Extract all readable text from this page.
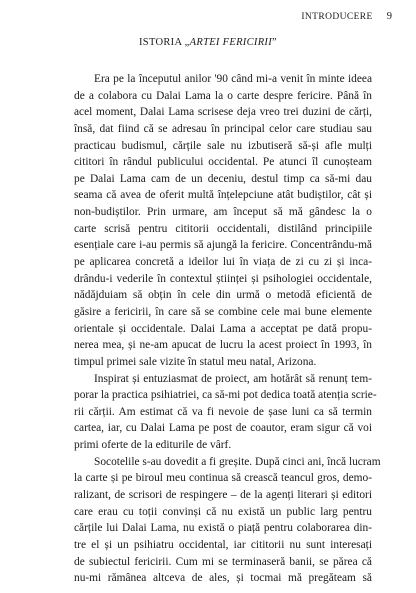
INTRODUCERE 9
ISTORIA „ARTEI FERICIRII”
Era pe la începutul anilor '90 când mi-a venit în minte ideea
de a colabora cu Dalai Lama la o carte despre fericire. Până în
acel moment, Dalai Lama scrisese deja vreo trei duzini de cărți,
însă, dat fiind că se adresau în principal celor care studiau sau
practicau budismul, cărțile sale nu izbutiseră să-și afle mulți
cititori în rândul publicului occidental. Pe atunci îl cunoșteam
pe Dalai Lama cam de un deceniu, destul timp ca să-mi dau
seama că avea de oferit multă înțelepciune atât budiștilor, cât și
non-budiștilor. Prin urmare, am început să mă gândesc la o
carte scrisă pentru cititorii occidentali, distilând principiile
esențiale care i-au permis să ajungă la fericire. Concentrându-mă
pe aplicarea concretă a ideilor lui în viața de zi cu zi și inca-
drându-i vederile în contextul științei și psihologiei occidentale,
nădăjduiam să obțin în cele din urmă o metodă eficientă de
găsire a fericirii, în care să se combine cele mai bune elemente
orientale și occidentale. Dalai Lama a acceptat pe dată propu-
nerea mea, și ne-am apucat de lucru la acest proiect în 1993, în
timpul primei sale vizite în statul meu natal, Arizona.
Inspirat și entuziasmat de proiect, am hotărât să renunț tem-
porar la practica psihiatriei, ca să-mi pot dedica toată atenția scrie-
rii cărții. Am estimat că va fi nevoie de șase luni ca să termin
cartea, iar, cu Dalai Lama pe post de coautor, eram sigur că voi
primi oferte de la editurile de vârf.
Socotelile s-au dovedit a fi greșite. După cinci ani, încă lucram
la carte și pe biroul meu continua să crească teancul gros, demo-
ralizant, de scrisori de respingere – de la agenți literari și editori
care erau cu toții convinși că nu există un public larg pentru
cărțile lui Dalai Lama, nu există o piață pentru colaborarea din-
tre el și un psihiatru occidental, iar cititorii nu sunt interesați
de subiectul fericirii. Cum mi se terminaseră banii, se părea că
nu-mi rămânea altceva de ales, și tocmai mă pregăteam să
